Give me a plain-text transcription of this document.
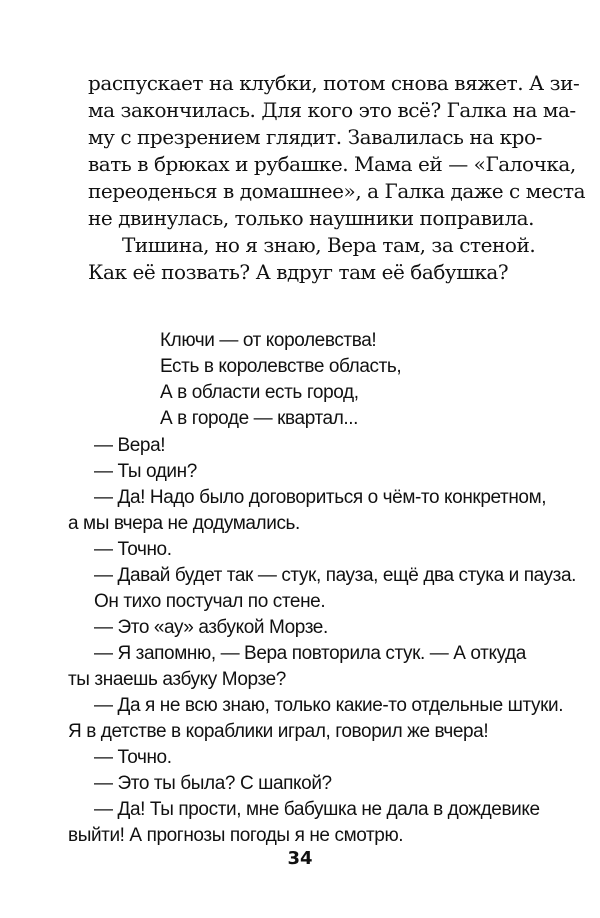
распускает на клубки, потом снова вяжет. А зи-
ма закончилась. Для кого это всё? Галка на ма-
му с презрением глядит. Завалилась на кро-
вать в брюках и рубашке. Мама ей — «Галочка,
переоденься в домашнее», а Галка даже с места
не двинулась, только наушники поправила.
Тишина, но я знаю, Вера там, за стеной.
Как её позвать? А вдруг там её бабушка?
Ключи — от королевства!
Есть в королевстве область,
А в области есть город,
А в городе — квартал...
— Вера!
— Ты один?
— Да! Надо было договориться о чём-то конкретном,
а мы вчера не додумались.
— Точно.
— Давай будет так — стук, пауза, ещё два стука и пауза.
Он тихо постучал по стене.
— Это «ау» азбукой Морзе.
— Я запомню, — Вера повторила стук. — А откуда
ты знаешь азбуку Морзе?
— Да я не всю знаю, только какие-то отдельные штуки.
Я в детстве в кораблики играл, говорил же вчера!
— Точно.
— Это ты была? С шапкой?
— Да! Ты прости, мне бабушка не дала в дождевике
выйти! А прогнозы погоды я не смотрю.
34
